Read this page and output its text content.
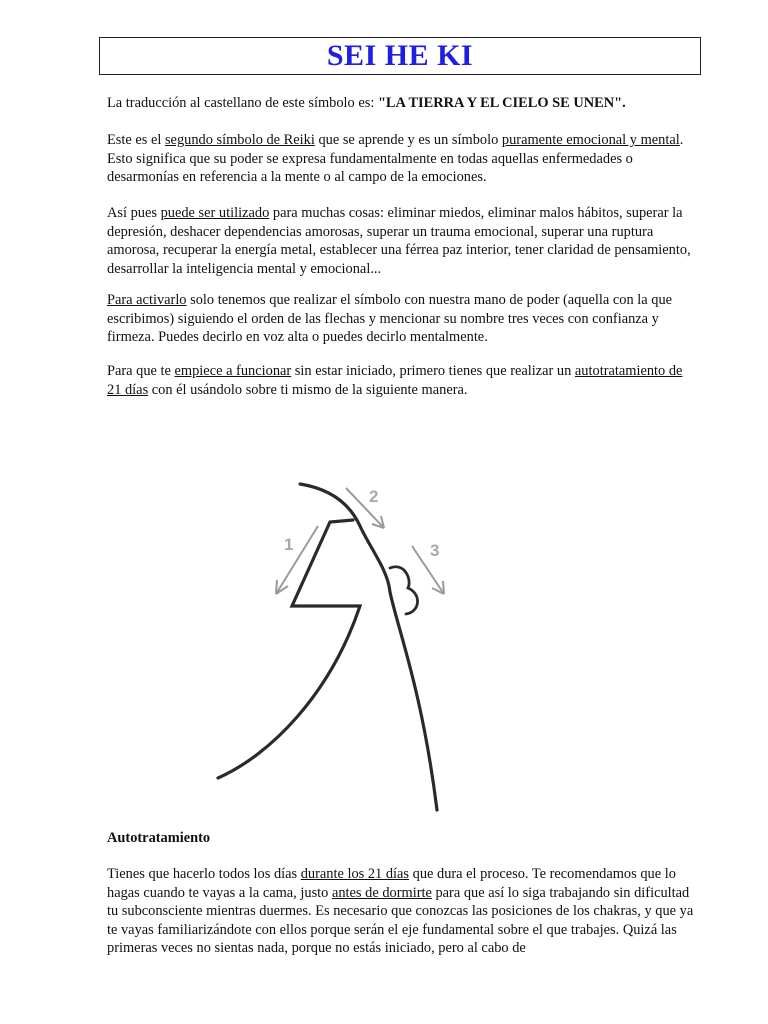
SEI HE KI

La traducción al castellano de este símbolo es: "LA TIERRA Y EL CIELO SE UNEN".

Este es el segundo símbolo de Reiki que se aprende y es un símbolo puramente emocional y mental. Esto significa que su poder se expresa fundamentalmente en todas aquellas enfermedades o desarmonías en referencia a la mente o al campo de la emociones.

Así pues puede ser utilizado para muchas cosas: eliminar miedos, eliminar malos hábitos, superar la depresión, deshacer dependencias amorosas, superar un trauma emocional, superar una ruptura amorosa, recuperar la energía metal, establecer una férrea paz interior, tener claridad de pensamiento, desarrollar la inteligencia mental y emocional...

Para activarlo solo tenemos que realizar el símbolo con nuestra mano de poder (aquella con la que escribimos) siguiendo el orden de las flechas y mencionar su nombre tres veces con confianza y firmeza. Puedes decirlo en voz alta o puedes decirlo mentalmente.

Para que te empiece a funcionar sin estar iniciado, primero tienes que realizar un autotratamiento de 21 días con él usándolo sobre ti mismo de la siguiente manera.

1
2
3

Autotratamiento

Tienes que hacerlo todos los días durante los 21 días que dura el proceso. Te recomendamos que lo hagas cuando te vayas a la cama, justo antes de dormirte para que así lo siga trabajando sin dificultad tu subconsciente mientras duermes. Es necesario que conozcas las posiciones de los chakras, y que ya te vayas familiarizándote con ellos porque serán el eje fundamental sobre el que trabajes. Quizá las primeras veces no sientas nada, porque no estás iniciado, pero al cabo de
